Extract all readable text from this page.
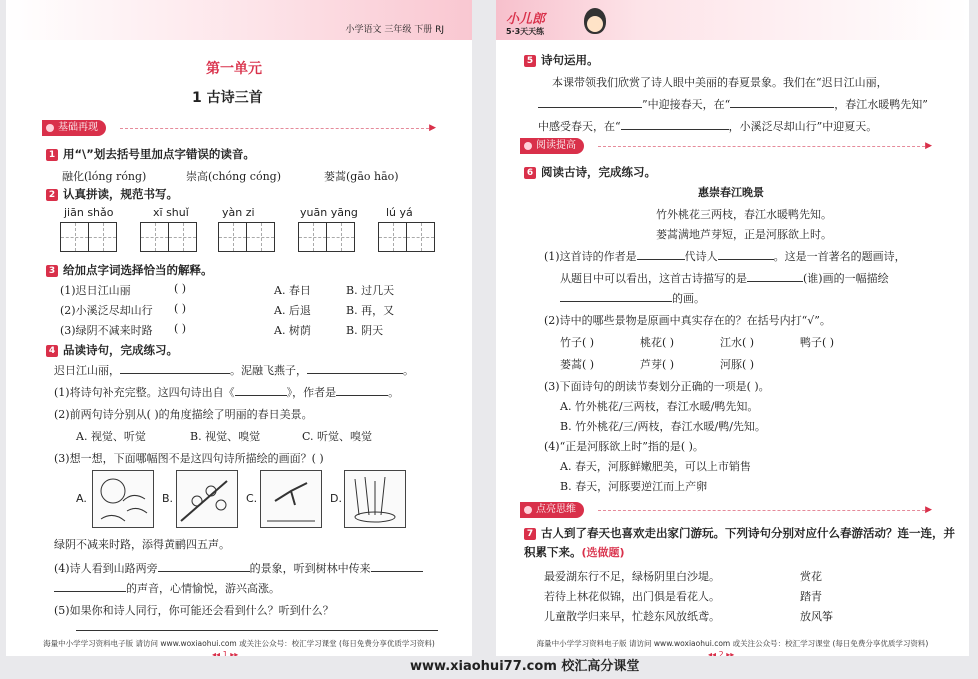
小学语文 三年级 下册 RJ
第一单元
1 古诗三首
基础再现	▶
1 用“\”划去括号里加点字错误的读音。
融化(lóng róng)	崇高(chóng cóng)	蒌蒿(gāo hāo)
2 认真拼读，规范书写。
jiān shǎo	xī shuǐ	yàn zi	yuān yāng	lú yá
3 给加点字词选择恰当的解释。
(1)迟日江山丽	( )	A. 春日	B. 过几天
(2)小溪泛尽却山行 ( )	A. 后退	B. 再，又
(3)绿阴不减来时路 ( )	A. 树荫	B. 阴天
4 品读诗句，完成练习。
迟日江山丽，	。泥融飞燕子，	。
(1)将诗句补充完整。这四句诗出自《	》，作者是	。
(2)前两句诗分别从( )的角度描绘了明丽的春日美景。
A. 视觉、听觉	B. 视觉、嗅觉	C. 听觉、嗅觉
(3)想一想，下面哪幅图不是这四句诗所描绘的画面？( )
A.	B.	C.	D.
绿阴不减来时路，添得黄鹂四五声。
(4)诗人看到山路两旁	的景象，听到树林中传来
的声音，心情愉悦，游兴高涨。
(5)如果你和诗人同行，你可能还会看到什么？听到什么？
海量中小学学习资料电子版 请访问 www.woxiaohui.com 或关注公众号：校汇学习课堂 (每日免费分享优质学习资料)
◂◂ 1 ▸▸
小儿郎
5·3天天练
5 诗句运用。
本课带领我们欣赏了诗人眼中美丽的春夏景象。我们在“迟日江山丽，
”中迎接春天，在“	，春江水暖鸭先知”
中感受春天，在“	，小溪泛尽却山行”中迎夏天。
阅读提高	▶
6 阅读古诗，完成练习。
惠崇春江晚景
竹外桃花三两枝，春江水暖鸭先知。
蒌蒿满地芦芽短，正是河豚欲上时。
(1)这首诗的作者是	代诗人	。这是一首著名的题画诗，
从题目中可以看出，这首古诗描写的是	(谁)画的一幅描绘
的画。
(2)诗中的哪些景物是原画中真实存在的？在括号内打“√”。
竹子( )	桃花( )	江水( )	鸭子( )
蒌蒿( )	芦芽( )	河豚( )
(3)下面诗句的朗读节奏划分正确的一项是( )。
A. 竹外桃花/三两枝，春江水暖/鸭先知。
B. 竹外桃花/三/两枝，春江水暖/鸭/先知。
(4)“正是河豚欲上时”指的是( )。
A. 春天，河豚鲜嫩肥美，可以上市销售
B. 春天，河豚要逆江而上产卵
点亮思维	▶
7 古人到了春天也喜欢走出家门游玩。下列诗句分别对应什么春游活动？连一连，并积累下来。(选做题)
最爱湖东行不足，绿杨阴里白沙堤。
若待上林花似锦，出门俱是看花人。
儿童散学归来早，忙趁东风放纸鸢。
赏花
踏青
放风筝
海量中小学学习资料电子版 请访问 www.woxiaohui.com 或关注公众号：校汇学习课堂 (每日免费分享优质学习资料)
◂◂ 2 ▸▸
www.xiaohui77.com 校汇高分课堂
